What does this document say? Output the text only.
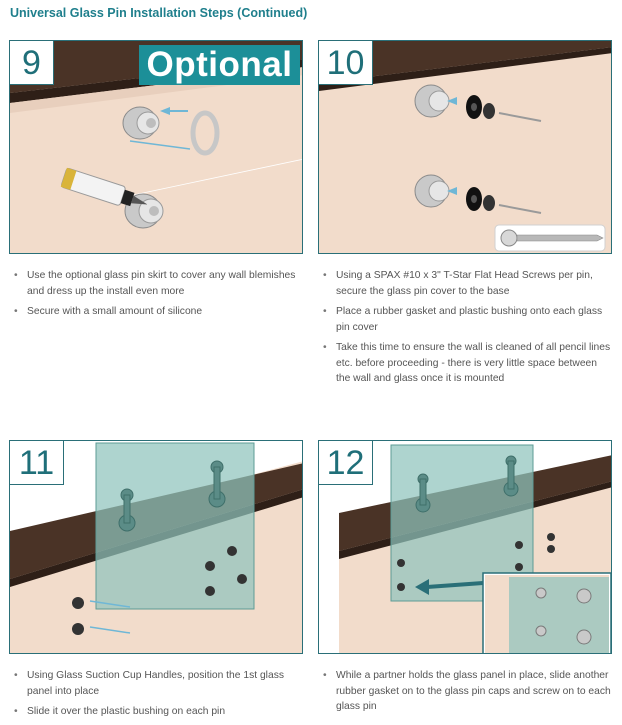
Universal Glass Pin Installation Steps (Continued)
9	Optional
• Use the optional glass pin skirt to cover any wall blemishes and dress up the install even more
• Secure with a small amount of silicone
10
• Using a SPAX #10 x 3" T-Star Flat Head Screws per pin, secure the glass pin cover to the base
• Place a rubber gasket and plastic bushing onto each glass pin cover
• Take this time to ensure the wall is cleaned of all pencil lines etc. before proceeding - there is very little space between the wall and glass once it is mounted
11
• Using Glass Suction Cup Handles, position the 1st glass panel into place
• Slide it over the plastic bushing on each pin
12
• While a partner holds the glass panel in place, slide another rubber gasket on to the glass pin caps and screw on to each glass pin
